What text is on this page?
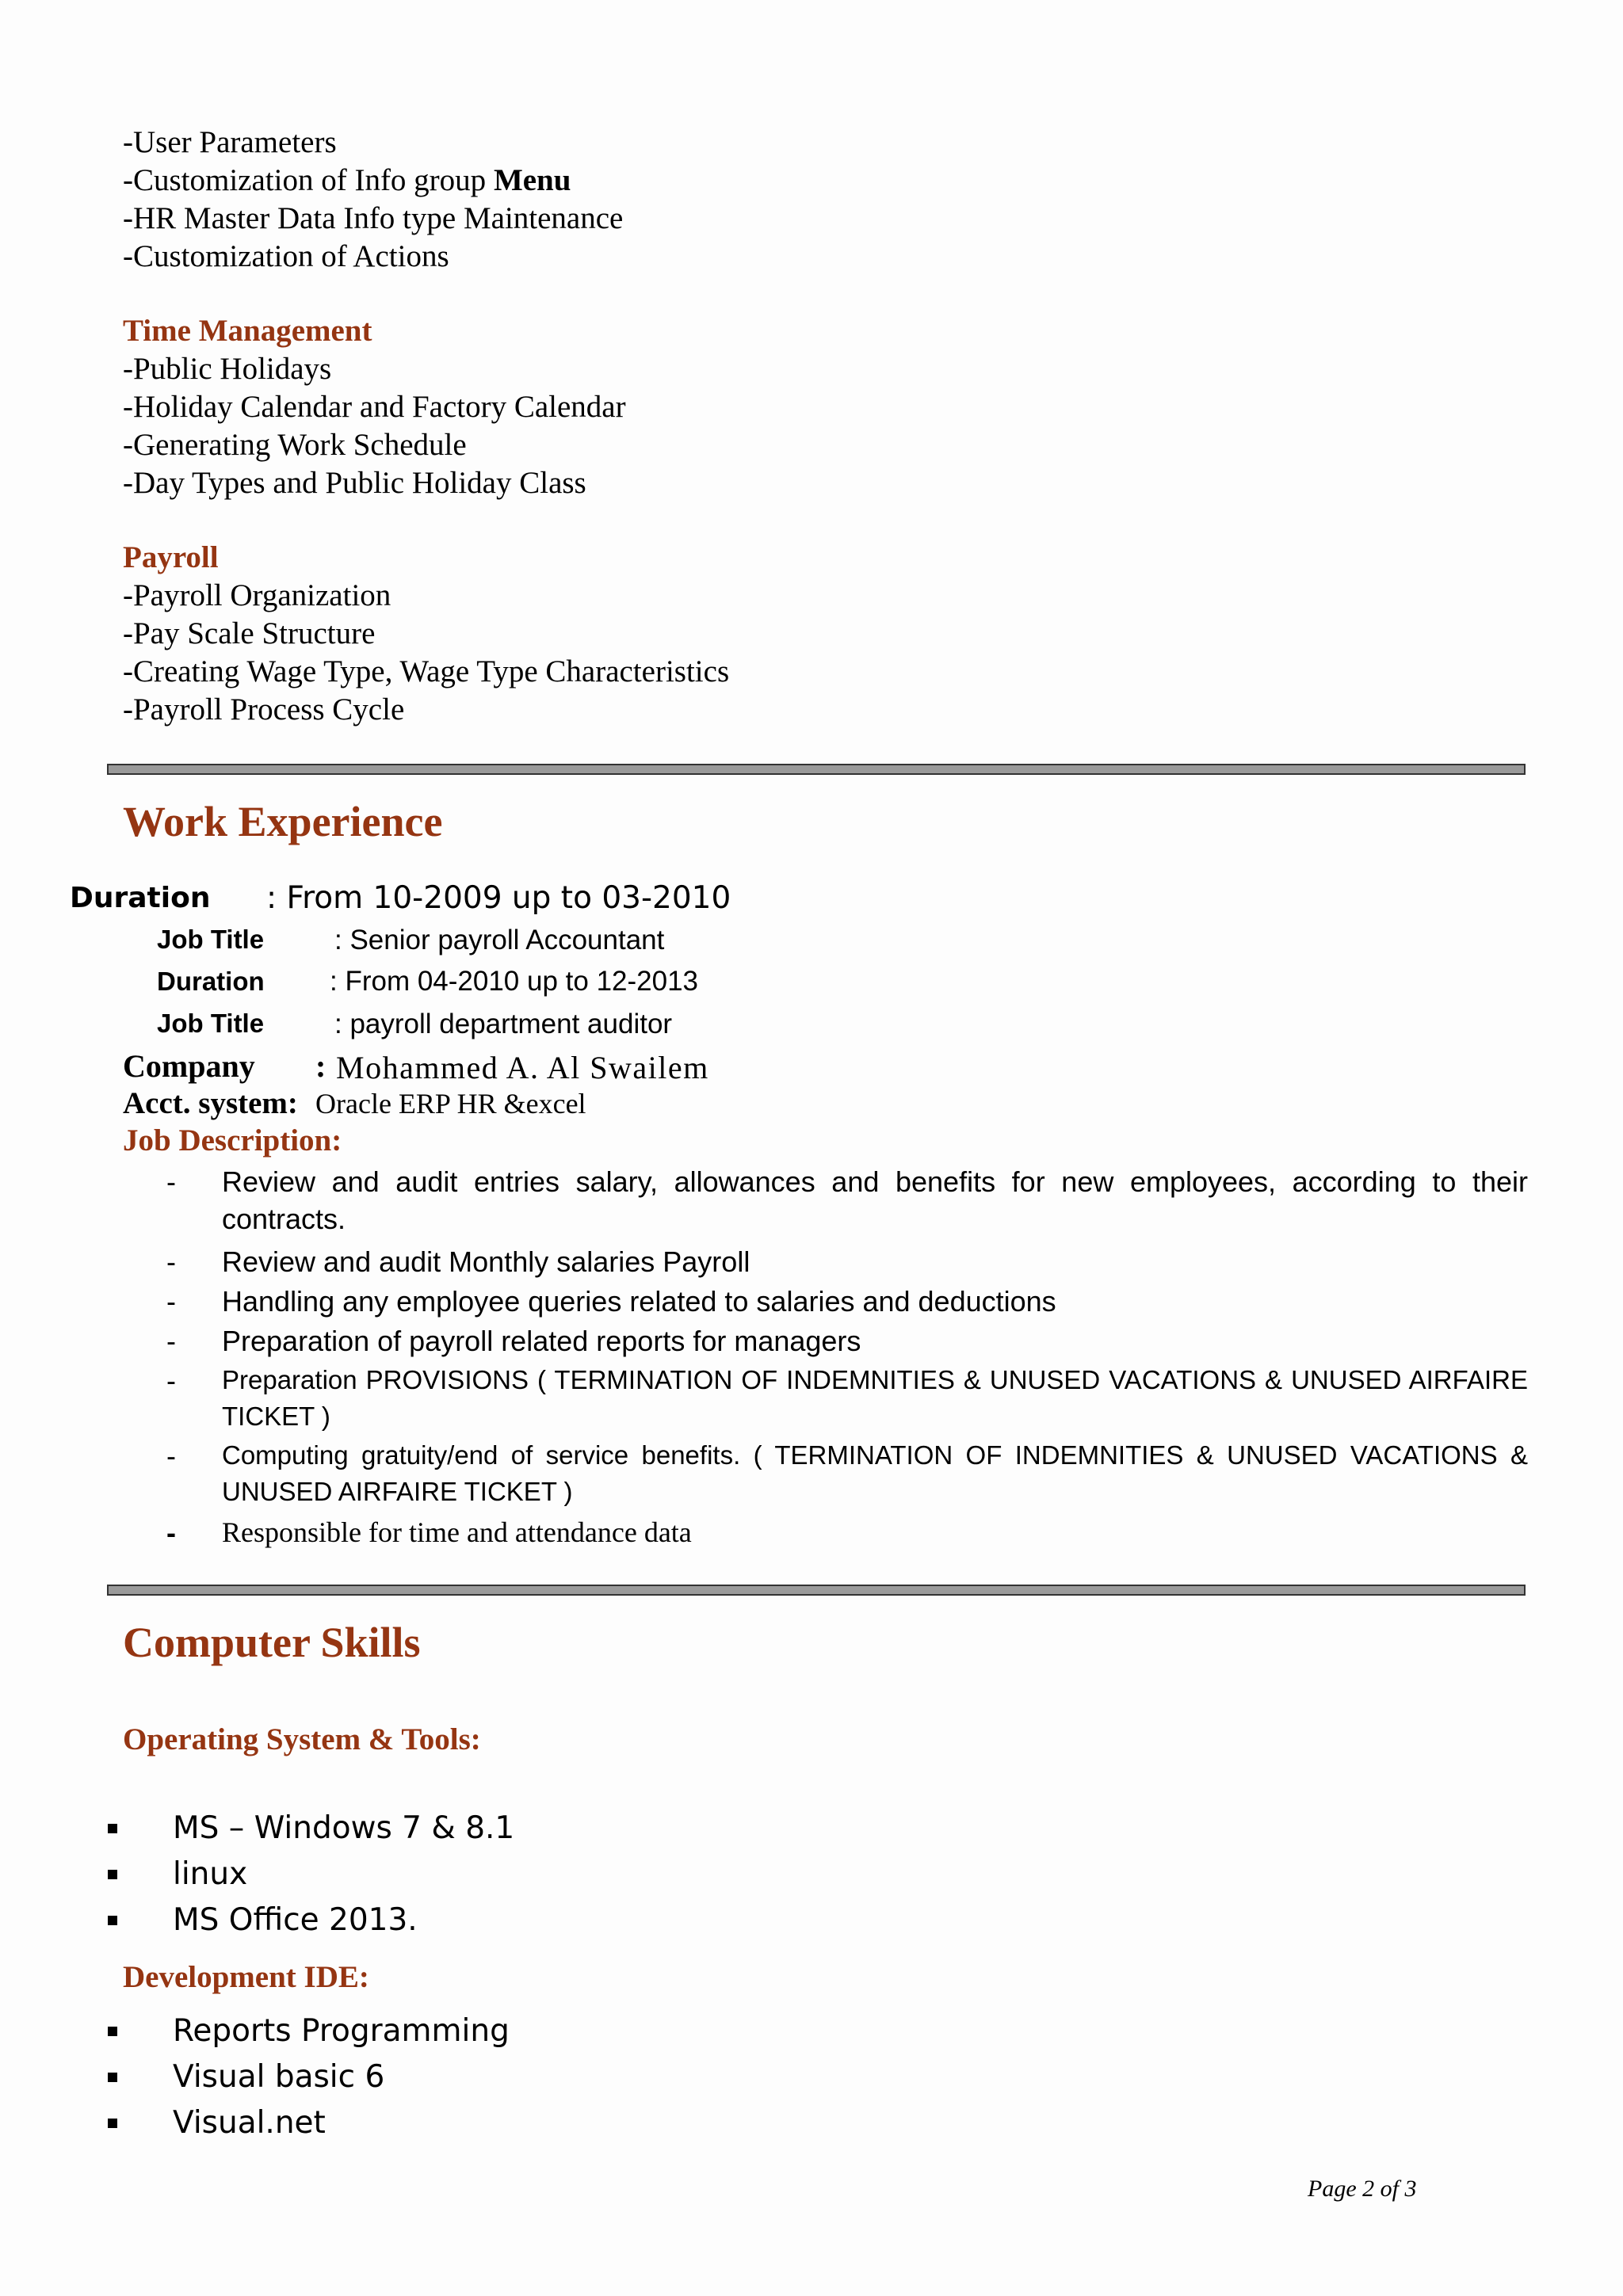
-User Parameters
-Customization of Info group Menu
-HR Master Data Info type Maintenance
-Customization of Actions
Time Management
-Public Holidays
-Holiday Calendar and Factory Calendar
-Generating Work Schedule
-Day Types and Public Holiday Class
Payroll
-Payroll Organization
-Pay Scale Structure
-Creating Wage Type, Wage Type Characteristics
-Payroll Process Cycle
Work Experience
Duration : From 10-2009 up to 03-2010
Job Title	: Senior payroll Accountant
Duration : From 04-2010 up to 12-2013
Job Title	: payroll department auditor
Company : Mohammed A. Al Swailem
Acct. system: Oracle ERP HR &excel
Job Description:
- Review and audit entries salary, allowances and benefits for new employees, according to their contracts.
- Review and audit Monthly salaries Payroll
- Handling any employee queries related to salaries and deductions
- Preparation of payroll related reports for managers
- Preparation PROVISIONS ( TERMINATION OF INDEMNITIES & UNUSED VACATIONS & UNUSED AIRFAIRE TICKET )
- Computing gratuity/end of service benefits. ( TERMINATION OF INDEMNITIES & UNUSED VACATIONS & UNUSED AIRFAIRE TICKET )
- Responsible for time and attendance data
Computer Skills
Operating System & Tools:
MS – Windows 7 & 8.1
linux
MS Office 2013.
Development IDE:
Reports Programming
Visual basic 6
Visual.net
Page 2 of 3
